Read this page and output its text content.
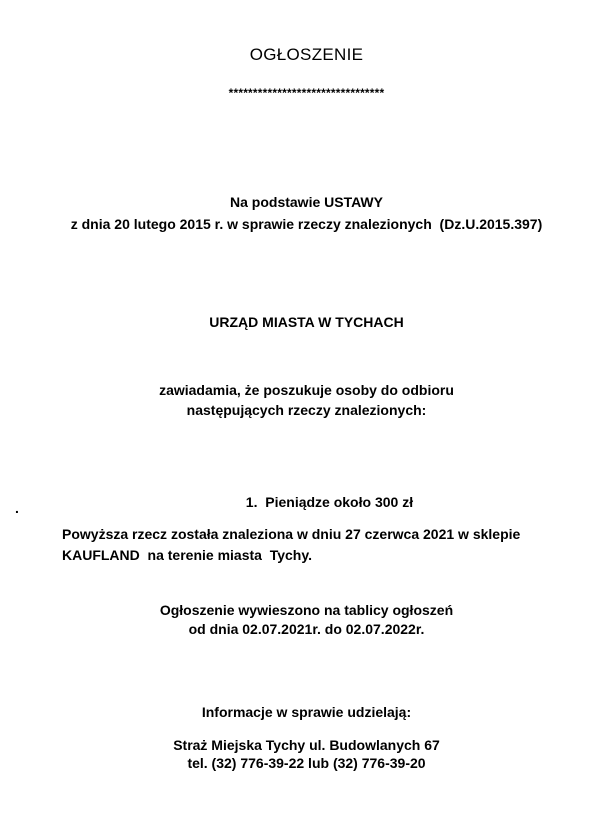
OGŁOSZENIE
********************************
Na podstawie USTAWY
z dnia 20 lutego 2015 r. w sprawie rzeczy znalezionych  (Dz.U.2015.397)
URZĄD MIASTA W TYCHACH
zawiadamia, że poszukuje osoby do odbioru
następujących rzeczy znalezionych:

1. Pieniądze około 300 zł

.
Powyższa rzecz została znaleziona w dniu 27 czerwca 2021 w sklepie
KAUFLAND  na terenie miasta  Tychy.
Ogłoszenie wywieszono na tablicy ogłoszeń
od dnia 02.07.2021r. do 02.07.2022r.
Informacje w sprawie udzielają:
Straż Miejska Tychy ul. Budowlanych 67
tel. (32) 776-39-22 lub (32) 776-39-20
